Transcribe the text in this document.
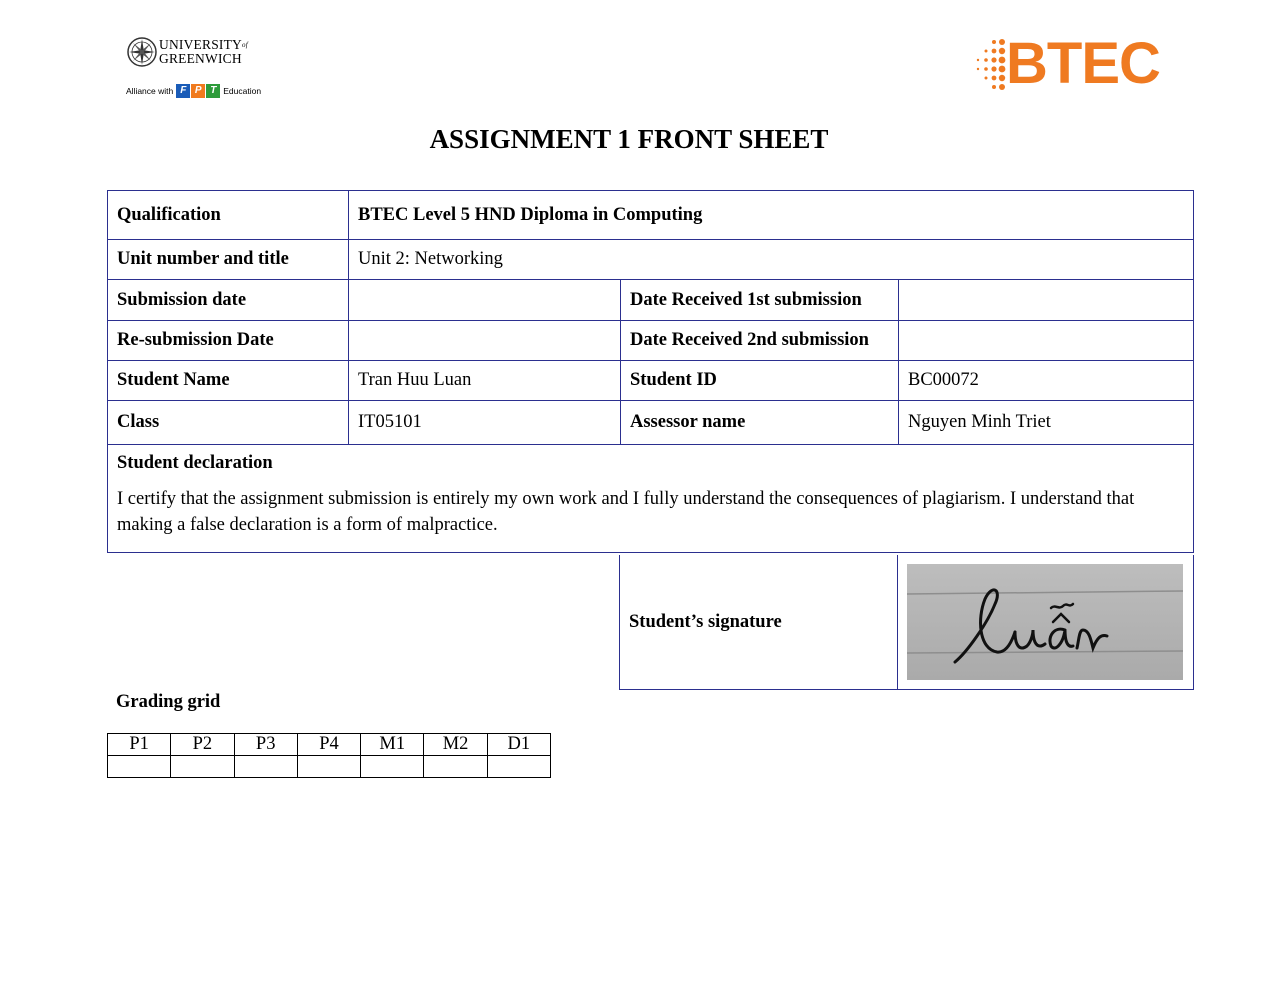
$UNIVERSITY^{of}$
GREENWICH
Alliance with F P T Education	BTEC
ASSIGNMENT 1 FRONT SHEET
Qualification	BTEC Level 5 HND Diploma in Computing		
Unit number and title	Unit 2: Networking		
Submission date		Date Received 1st submission	
Re-submission Date		Date Received 2nd submission	
Student Name	Tran Huu Luan	Student ID	BC00072
Class	IT05101	Assessor name	Nguyen Minh Triet

Student declaration
I certify that the assignment submission is entirely my own work and I fully understand the consequences of plagiarism. I understand that making a false declaration is a form of malpractice.			
Student’s signature	
Grading grid
P1	P2	P3	P4	M1	M2	D1
